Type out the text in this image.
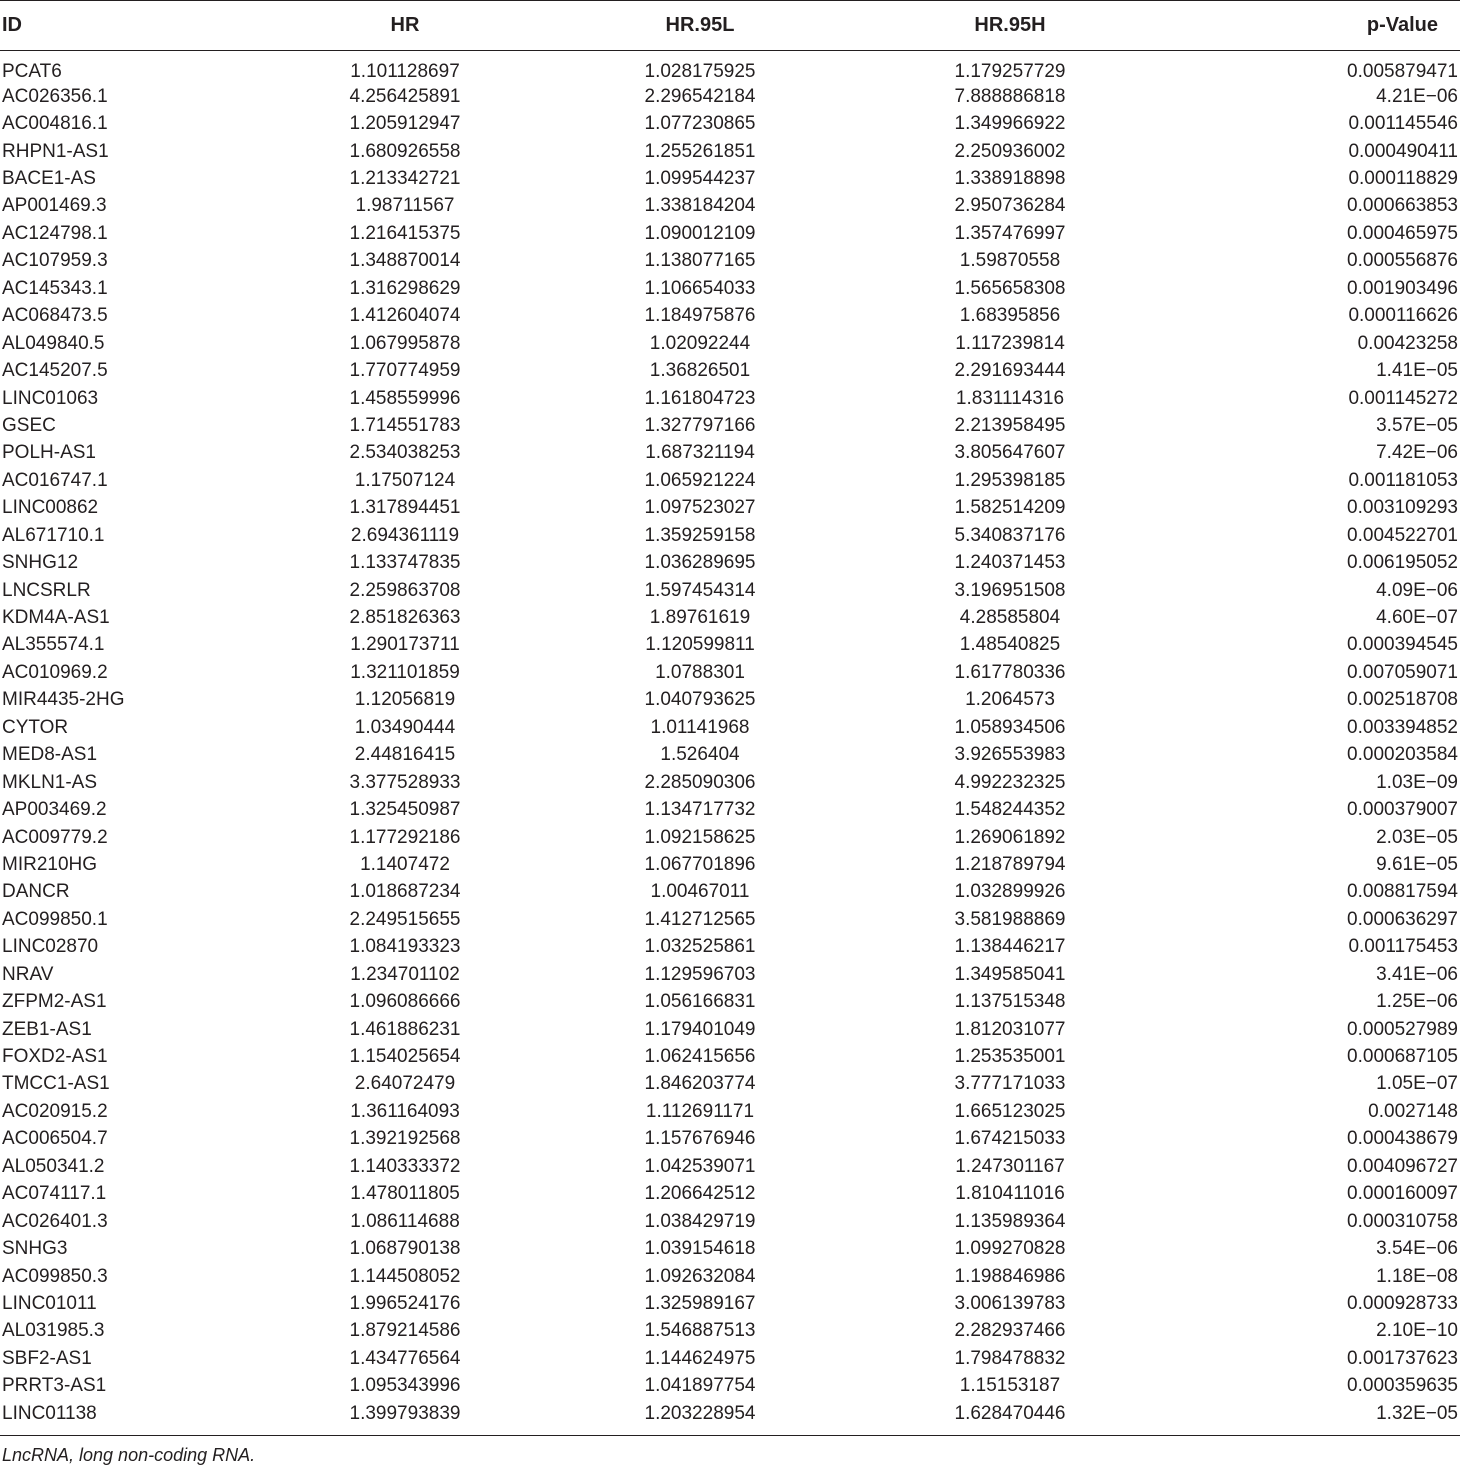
ID	HR	HR.95L	HR.95H	p-Value
PCAT6	1.101128697	1.028175925	1.179257729	0.005879471
AC026356.1	4.256425891	2.296542184	7.888886818	4.21E−06
AC004816.1	1.205912947	1.077230865	1.349966922	0.001145546
RHPN1-AS1	1.680926558	1.255261851	2.250936002	0.000490411
BACE1-AS	1.213342721	1.099544237	1.338918898	0.000118829
AP001469.3	1.98711567	1.338184204	2.950736284	0.000663853
AC124798.1	1.216415375	1.090012109	1.357476997	0.000465975
AC107959.3	1.348870014	1.138077165	1.59870558	0.000556876
AC145343.1	1.316298629	1.106654033	1.565658308	0.001903496
AC068473.5	1.412604074	1.184975876	1.68395856	0.000116626
AL049840.5	1.067995878	1.02092244	1.117239814	0.00423258
AC145207.5	1.770774959	1.36826501	2.291693444	1.41E−05
LINC01063	1.458559996	1.161804723	1.831114316	0.001145272
GSEC	1.714551783	1.327797166	2.213958495	3.57E−05
POLH-AS1	2.534038253	1.687321194	3.805647607	7.42E−06
AC016747.1	1.17507124	1.065921224	1.295398185	0.001181053
LINC00862	1.317894451	1.097523027	1.582514209	0.003109293
AL671710.1	2.694361119	1.359259158	5.340837176	0.004522701
SNHG12	1.133747835	1.036289695	1.240371453	0.006195052
LNCSRLR	2.259863708	1.597454314	3.196951508	4.09E−06
KDM4A-AS1	2.851826363	1.89761619	4.28585804	4.60E−07
AL355574.1	1.290173711	1.120599811	1.48540825	0.000394545
AC010969.2	1.321101859	1.0788301	1.617780336	0.007059071
MIR4435-2HG	1.12056819	1.040793625	1.2064573	0.002518708
CYTOR	1.03490444	1.01141968	1.058934506	0.003394852
MED8-AS1	2.44816415	1.526404	3.926553983	0.000203584
MKLN1-AS	3.377528933	2.285090306	4.992232325	1.03E−09
AP003469.2	1.325450987	1.134717732	1.548244352	0.000379007
AC009779.2	1.177292186	1.092158625	1.269061892	2.03E−05
MIR210HG	1.1407472	1.067701896	1.218789794	9.61E−05
DANCR	1.018687234	1.00467011	1.032899926	0.008817594
AC099850.1	2.249515655	1.412712565	3.581988869	0.000636297
LINC02870	1.084193323	1.032525861	1.138446217	0.001175453
NRAV	1.234701102	1.129596703	1.349585041	3.41E−06
ZFPM2-AS1	1.096086666	1.056166831	1.137515348	1.25E−06
ZEB1-AS1	1.461886231	1.179401049	1.812031077	0.000527989
FOXD2-AS1	1.154025654	1.062415656	1.253535001	0.000687105
TMCC1-AS1	2.64072479	1.846203774	3.777171033	1.05E−07
AC020915.2	1.361164093	1.112691171	1.665123025	0.0027148
AC006504.7	1.392192568	1.157676946	1.674215033	0.000438679
AL050341.2	1.140333372	1.042539071	1.247301167	0.004096727
AC074117.1	1.478011805	1.206642512	1.810411016	0.000160097
AC026401.3	1.086114688	1.038429719	1.135989364	0.000310758
SNHG3	1.068790138	1.039154618	1.099270828	3.54E−06
AC099850.3	1.144508052	1.092632084	1.198846986	1.18E−08
LINC01011	1.996524176	1.325989167	3.006139783	0.000928733
AL031985.3	1.879214586	1.546887513	2.282937466	2.10E−10
SBF2-AS1	1.434776564	1.144624975	1.798478832	0.001737623
PRRT3-AS1	1.095343996	1.041897754	1.15153187	0.000359635
LINC01138	1.399793839	1.203228954	1.628470446	1.32E−05
LncRNA, long non-coding RNA.
